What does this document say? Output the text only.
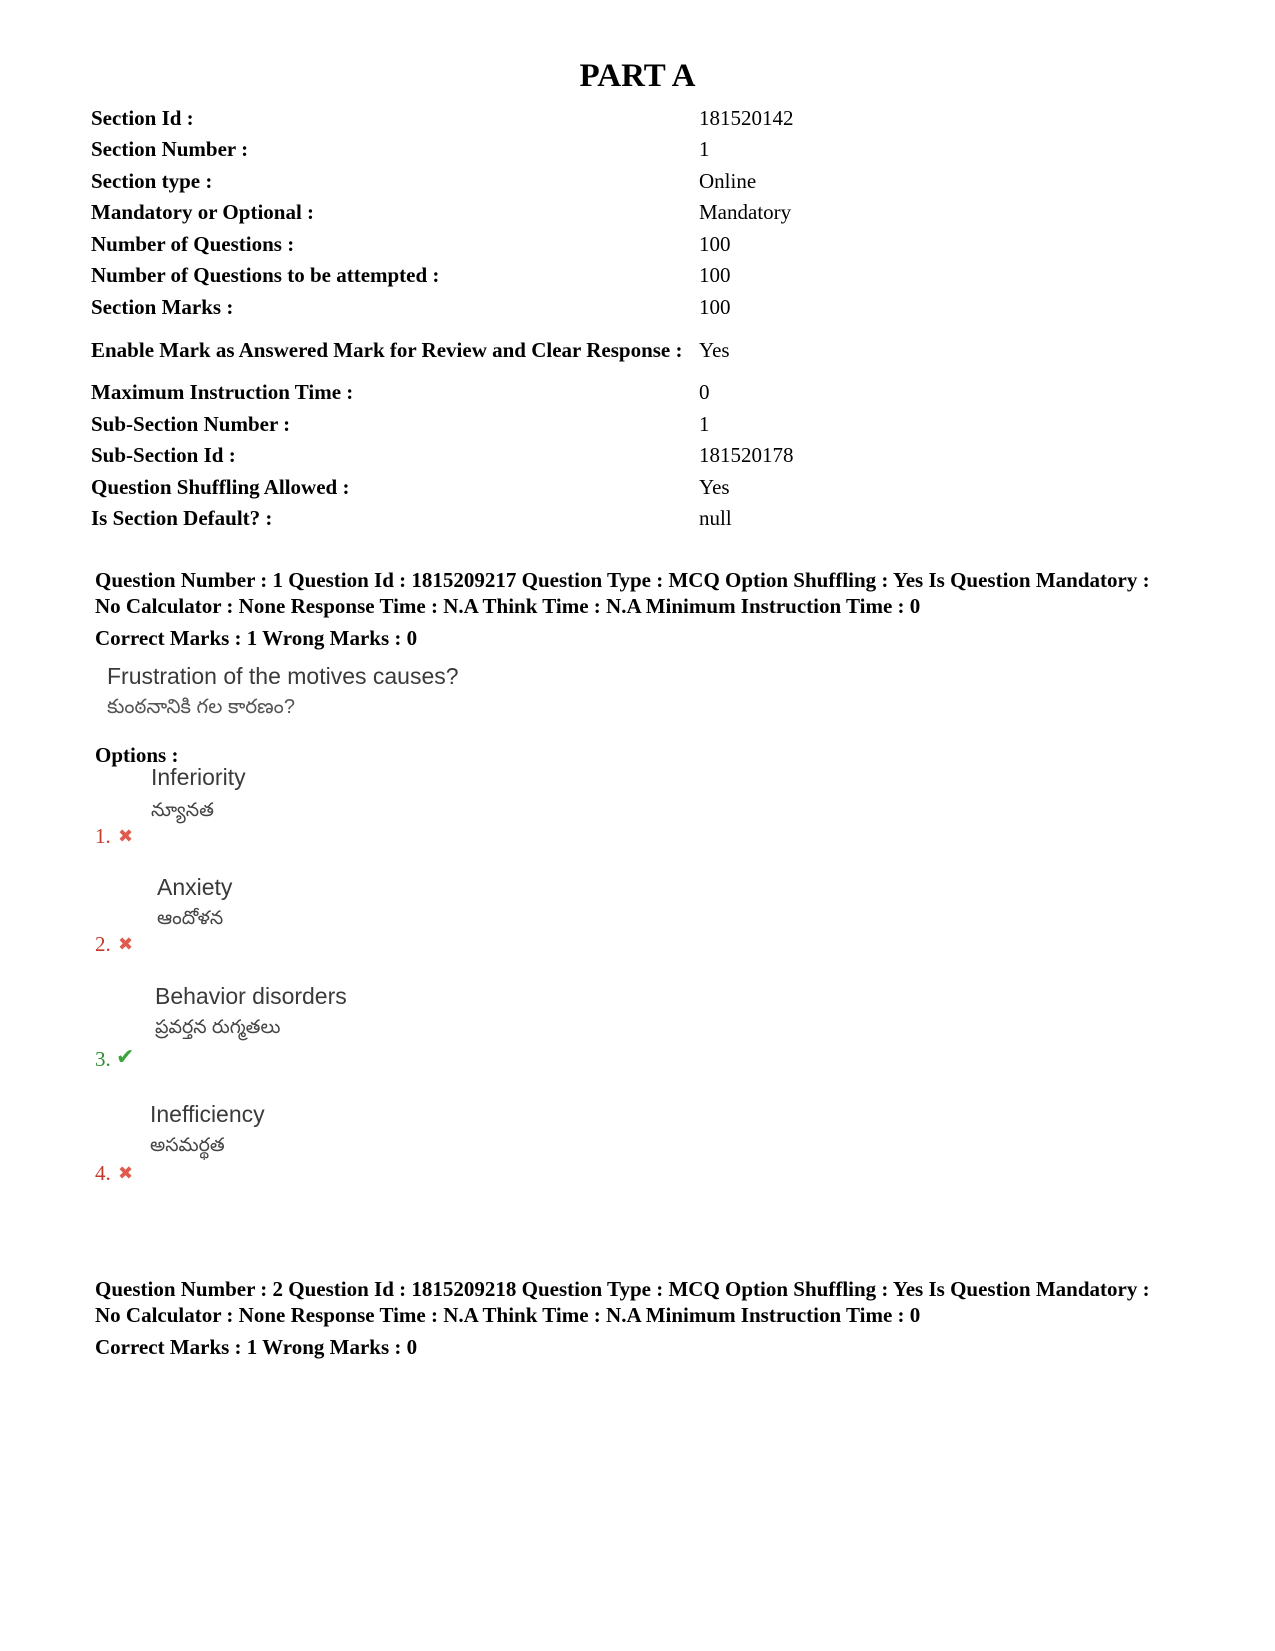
PART A
Section Id :	181520142
Section Number :	1
Section type :	Online
Mandatory or Optional :	Mandatory
Number of Questions :	100
Number of Questions to be attempted :	100
Section Marks :	100
Enable Mark as Answered Mark for Review and Clear Response :	Yes
Maximum Instruction Time :	0
Sub-Section Number :	1
Sub-Section Id :	181520178
Question Shuffling Allowed :	Yes
Is Section Default? :	null

Question Number : 1 Question Id : 1815209217 Question Type : MCQ Option Shuffling : Yes Is Question Mandatory : No Calculator : None Response Time : N.A Think Time : N.A Minimum Instruction Time : 0

Correct Marks : 1 Wrong Marks : 0

Frustration of the motives causes?
కుంఠనానికి గల కారణం?
Options :
1. ✖
Inferiority
న్యూనత
2. ✖
Anxiety
ఆందోళన
3. ✔
Behavior disorders
ప్రవర్తన రుగ్మతలు
4. ✖
Inefficiency
అసమర్థత

Question Number : 2 Question Id : 1815209218 Question Type : MCQ Option Shuffling : Yes Is Question Mandatory : No Calculator : None Response Time : N.A Think Time : N.A Minimum Instruction Time : 0

Correct Marks : 1 Wrong Marks : 0
